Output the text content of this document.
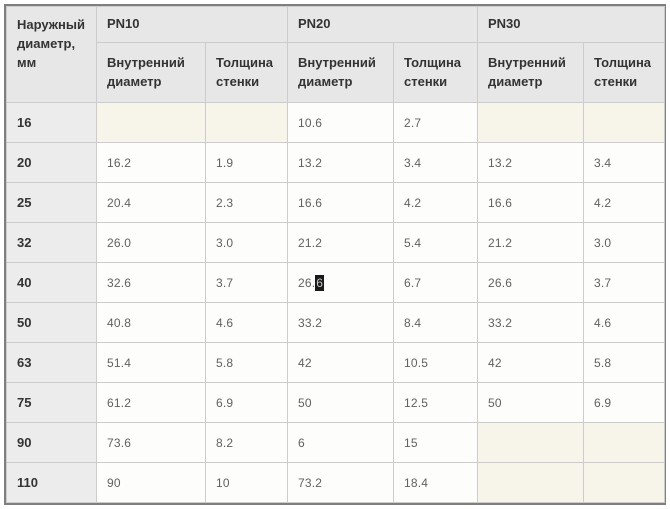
Наружный диаметр, мм	PN10		PN20		PN30	
	Внутренний диаметр	Толщина стенки	Внутренний диаметр	Толщина стенки	Внутренний диаметр	Толщина стенки
16			10.6	2.7		
20	16.2	1.9	13.2	3.4	13.2	3.4
25	20.4	2.3	16.6	4.2	16.6	4.2
32	26.0	3.0	21.2	5.4	21.2	3.0
40	32.6	3.7	26.6	6.7	26.6	3.7
50	40.8	4.6	33.2	8.4	33.2	4.6
63	51.4	5.8	42	10.5	42	5.8
75	61.2	6.9	50	12.5	50	6.9
90	73.6	8.2	6	15		
110	90	10	73.2	18.4		
